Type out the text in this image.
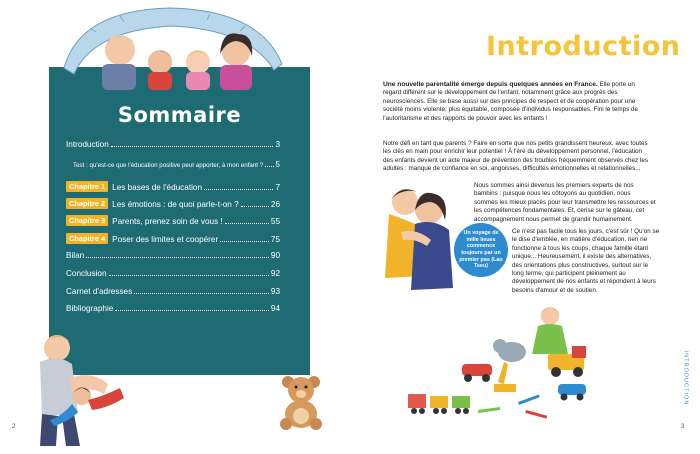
Sommaire
Introduction	3
Test : qu'est-ce que l'éducation positive peut apporter, à mon enfant ? 5
Chapitre 1 Les bases de l'éducation	7
Chapitre 2 Les émotions : de quoi parle-t-on ?	26
Chapitre 3 Parents, prenez soin de vous !	55
Chapitre 4 Poser des limites et coopérer	75
Bilan	90
Conclusion	92
Carnet d'adresses	93
Bibliographie	94
2
Introduction
Une nouvelle parentalité émerge depuis quelques années en France. Elle porte un regard différent sur le développement de l'enfant, notamment grâce aux progrès des neurosciences. Elle se base aussi sur des principes de respect et de coopération pour une société moins violente, plus équitable, composée d'individus responsables. Fini le temps de l'autoritarisme et des rapports de pouvoir avec les enfants !
Notre défi en tant que parents ? Faire en sorte que nos petits grandissent heureux, avec toutes les clés en main pour enrichir leur potentiel ! À l'ère du développement personnel, l'éducation des enfants devient un acte majeur de prévention des troubles fréquemment observés chez les adultes : manque de confiance en soi, angoisses, difficultés émotionnelles et relationnelles...
Nous sommes ainsi devenus les premiers experts de nos bambins : puisque nous les côtoyons au quotidien, nous sommes les mieux placés pour leur transmettre les ressources et les compétences fondamentales. Et, cerise sur le gâteau, cet accompagnement nous permet de grandir humainement.
Un voyage de mille lieues commence toujours par un premier pas (Lao Tseu)
Ce n'est pas facile tous les jours, c'est sûr ! Qu'on se le dise d'emblée, en matière d'éducation, rien ne fonctionne à tous les coups, chaque famille étant unique... Heureusement, il existe des alternatives, des orientations plus constructives, surtout sur le long terme, qui participent pleinement au développement de nos enfants et répondent à leurs besoins d'amour et de soutien.
INTRODUCTION
3
